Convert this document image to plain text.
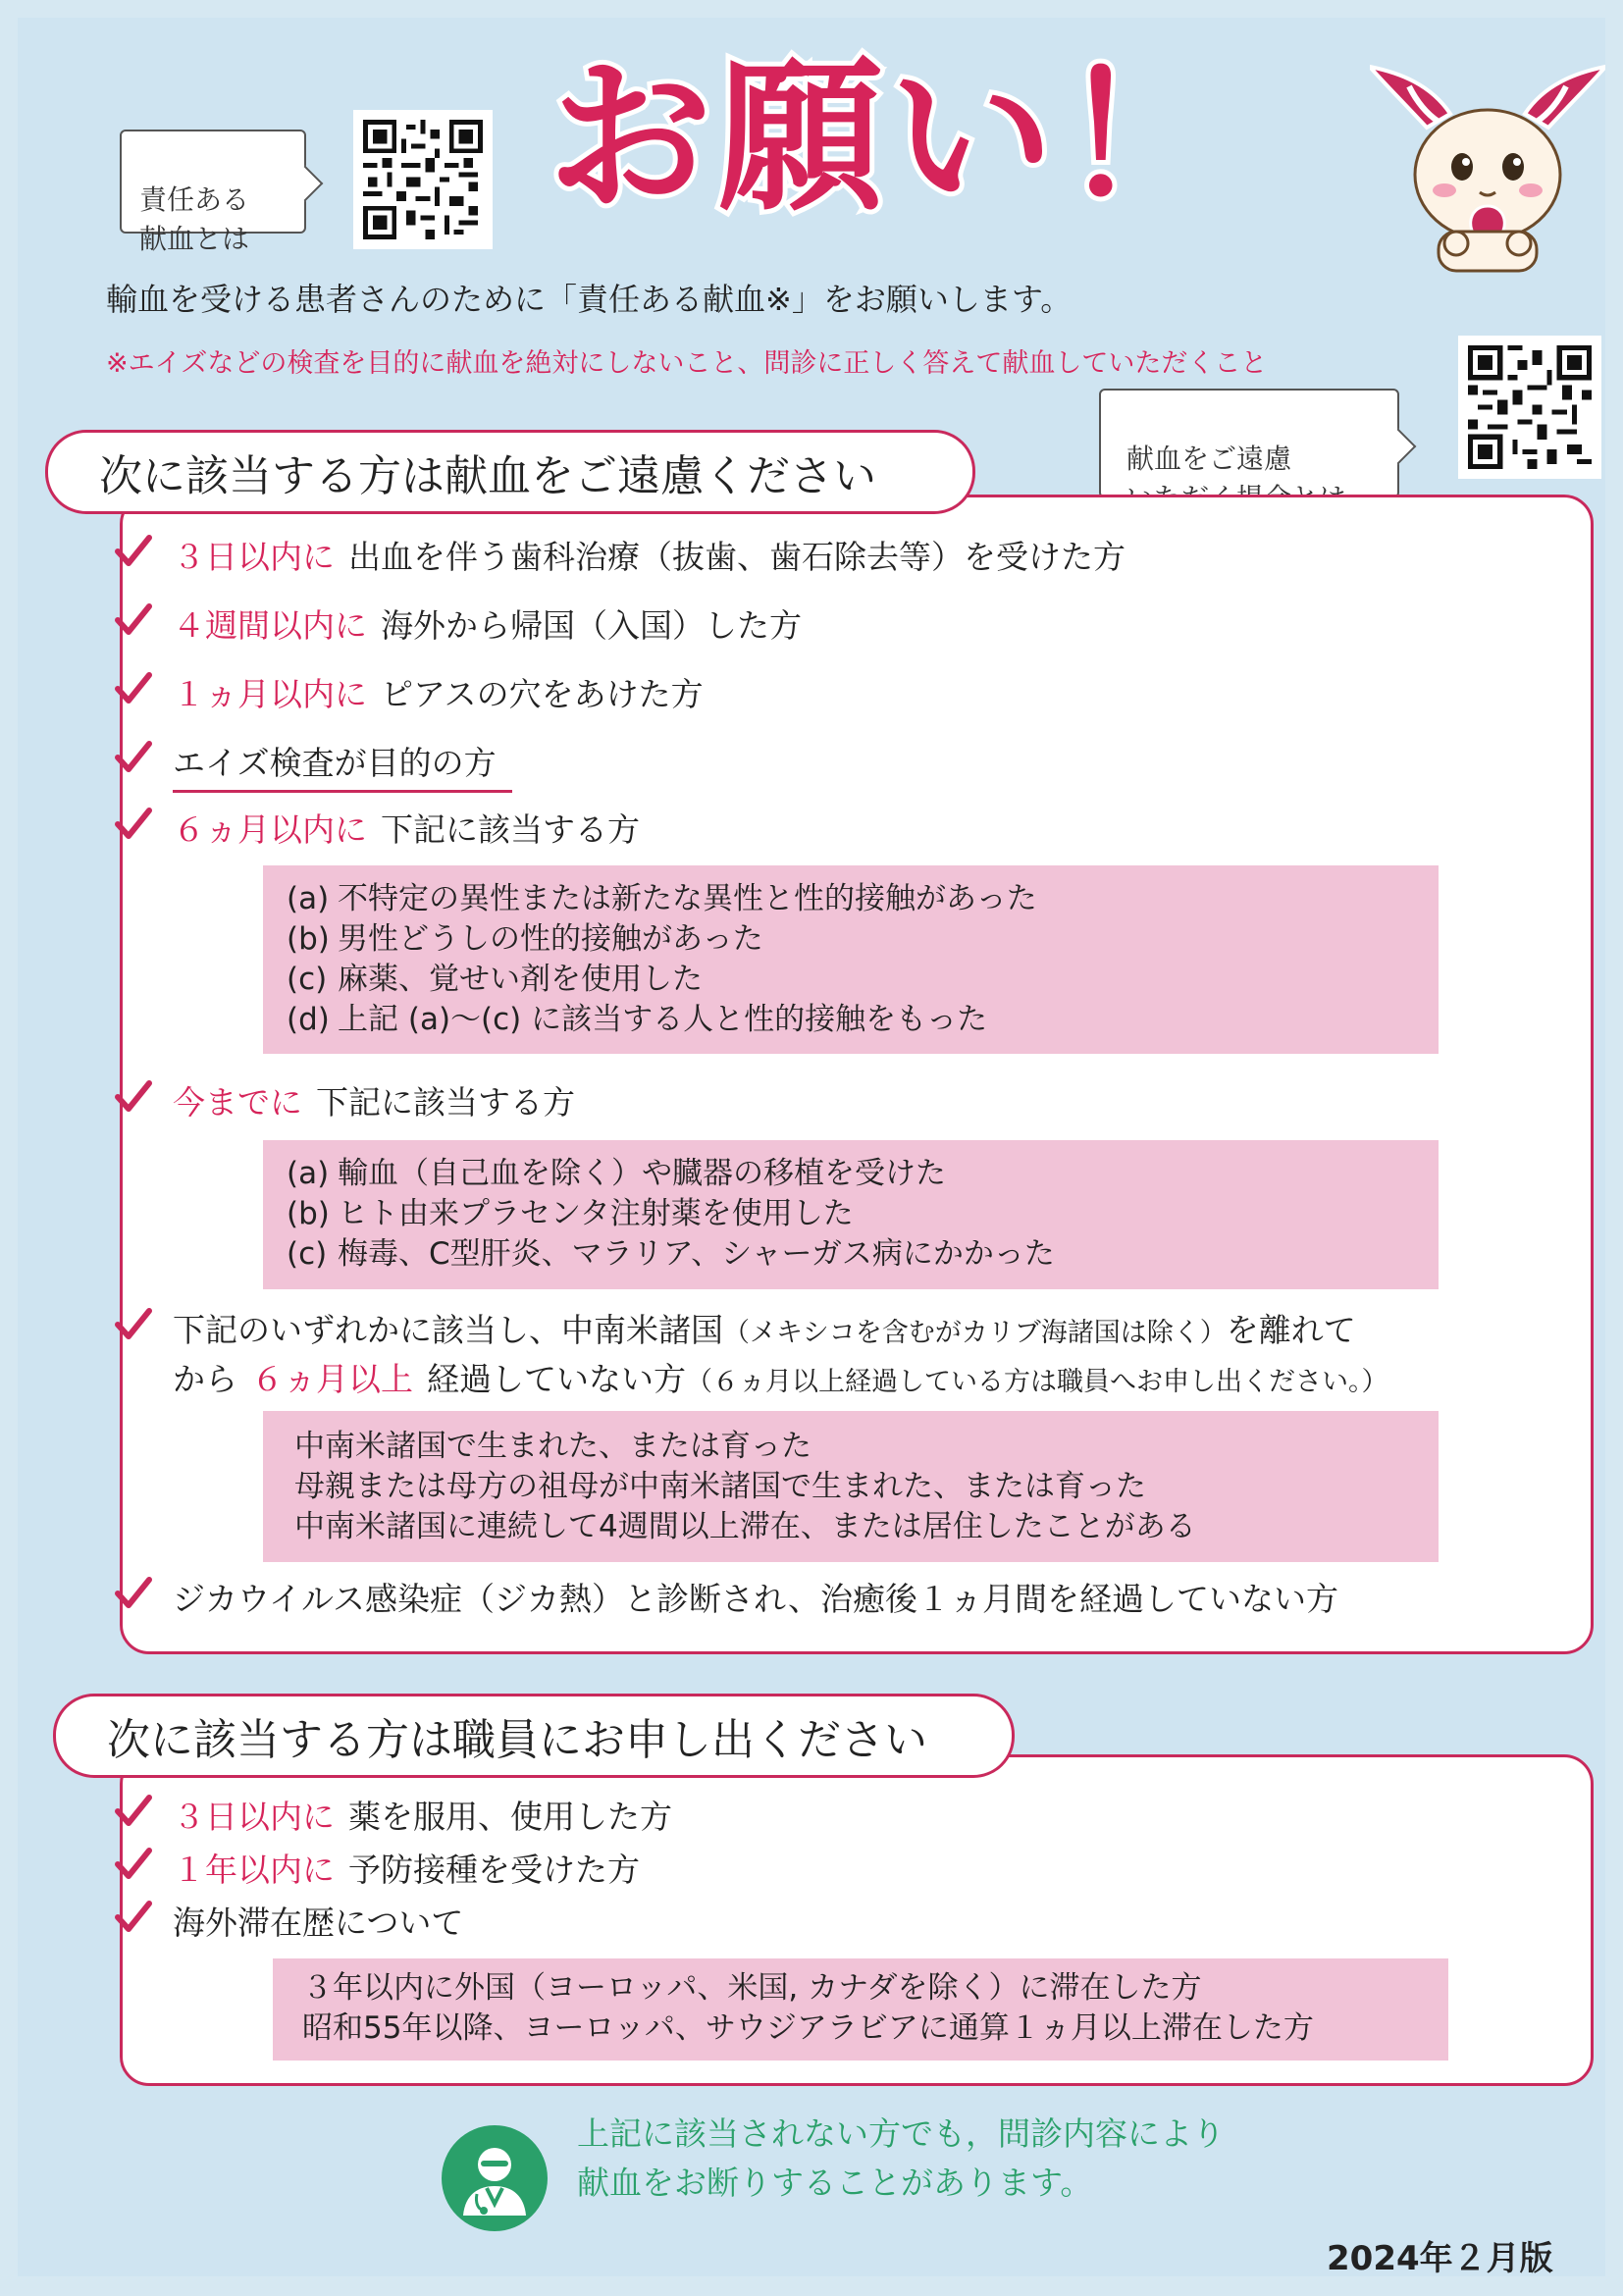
責任ある
献血とは

お願い！
輸血を受ける患者さんのために「責任ある献血※」をお願いします。
※エイズなどの検査を目的に献血を絶対にしないこと、問診に正しく答えて献血していただくこと

献血をご遠慮

次に該当する方は献血をご遠慮ください
３日以内に 出血を伴う歯科治療（抜歯、歯石除去等）を受けた方
４週間以内に 海外から帰国（入国）した方
１ヵ月以内に ピアスの穴をあけた方
エイズ検査が目的の方
６ヵ月以内に 下記に該当する方
(a) 不特定の異性または新たな異性と性的接触があった
(b) 男性どうしの性的接触があった
(c) 麻薬、覚せい剤を使用した
(d) 上記 (a)〜(c) に該当する人と性的接触をもった
今までに 下記に該当する方
(a) 輸血（自己血を除く）や臓器の移植を受けた
(b) ヒト由来プラセンタ注射薬を使用した
(c) 梅毒、C型肝炎、マラリア、シャーガス病にかかった
下記のいずれかに該当し、中南米諸国 （メキシコを含むがカリブ海諸国は除く） を離れて
から ６ヵ月以上 経過していない方 （６ヵ月以上経過している方は職員へお申し出ください。）
中南米諸国で生まれた、または育った
母親または母方の祖母が中南米諸国で生まれた、または育った
中南米諸国に連続して4週間以上滞在、または居住したことがある
ジカウイルス感染症（ジカ熱）と診断され、治癒後１ヵ月間を経過していない方
次に該当する方は職員にお申し出ください
３日以内に 薬を服用、使用した方
１年以内に 予防接種を受けた方
海外滞在歴について
３年以内に外国（ヨーロッパ、米国, カナダを除く）に滞在した方
昭和55年以降、ヨーロッパ、サウジアラビアに通算１ヵ月以上滞在した方
上記に該当されない方でも，問診内容により
献血をお断りすることがあります。
2024年２月版
